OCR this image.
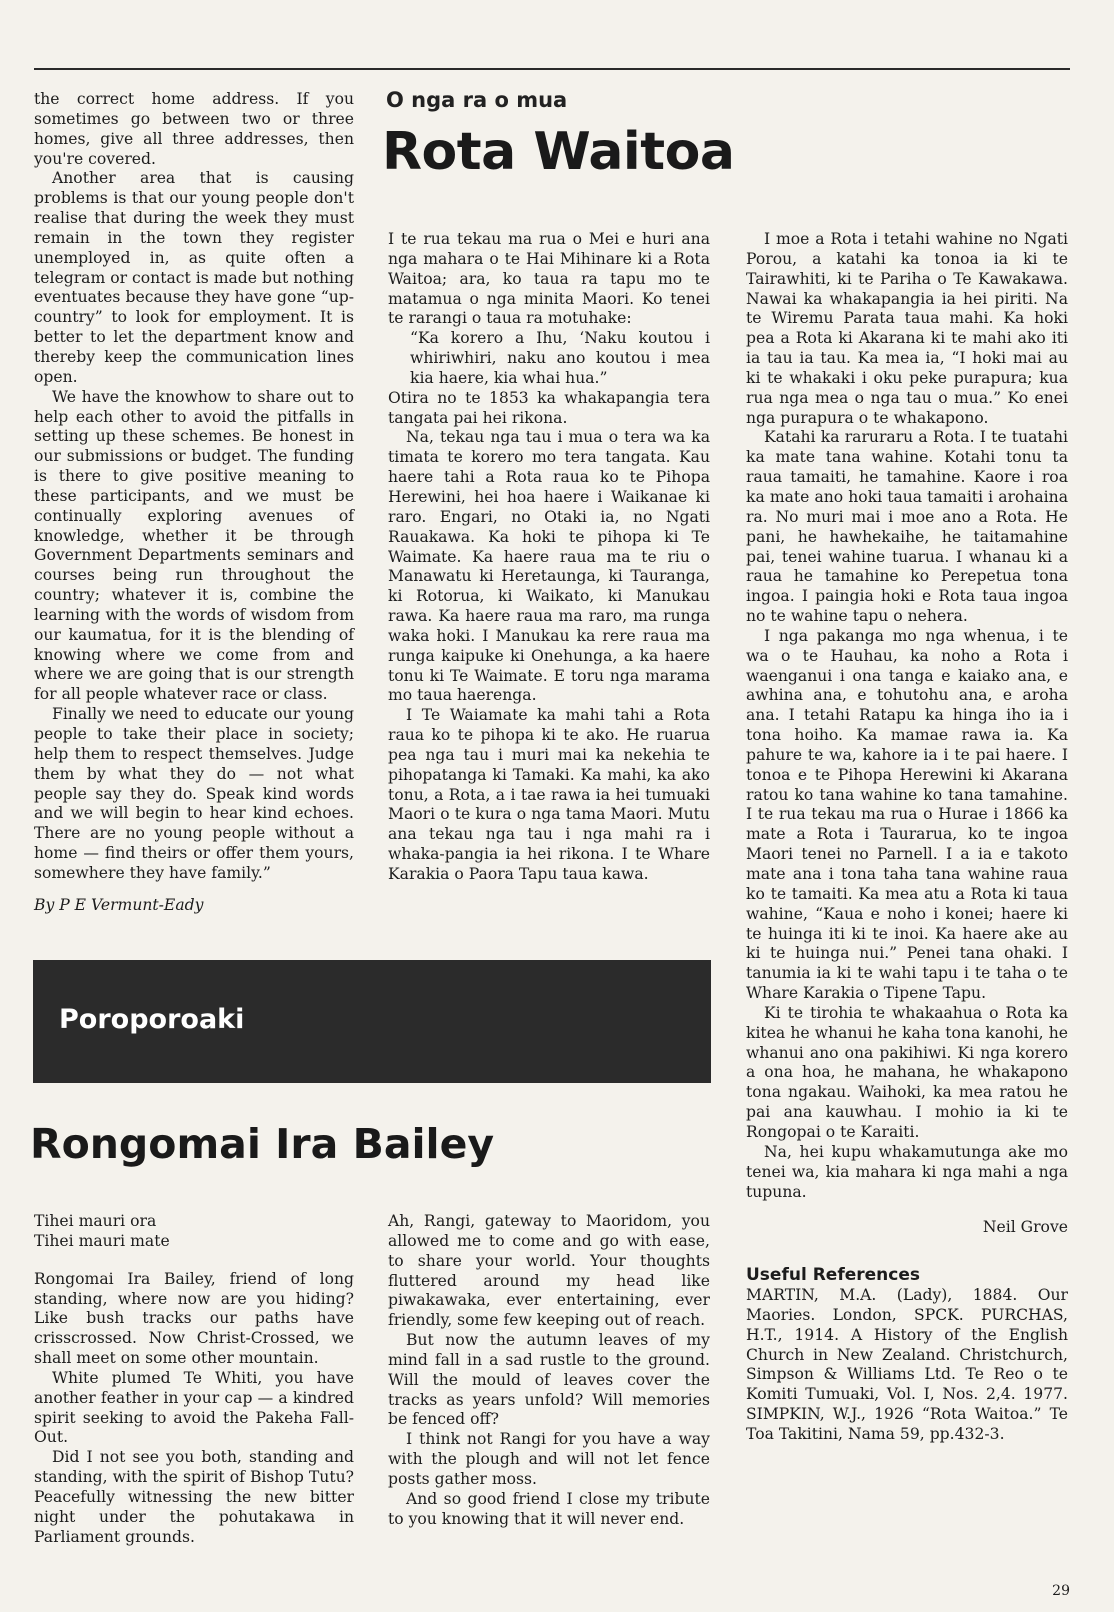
the correct home address. If you sometimes go between two or three homes, give all three addresses, then you're covered.

Another area that is causing problems is that our young people don't realise that during the week they must remain in the town they register unemployed in, as quite often a telegram or contact is made but nothing eventuates because they have gone “up-country” to look for employment. It is better to let the department know and thereby keep the communication lines open.

We have the knowhow to share out to help each other to avoid the pitfalls in setting up these schemes. Be honest in our submissions or budget. The funding is there to give positive meaning to these participants, and we must be continually exploring avenues of knowledge, whether it be through Government Departments seminars and courses being run throughout the country; whatever it is, combine the learning with the words of wisdom from our kaumatua, for it is the blending of knowing where we come from and where we are going that is our strength for all people whatever race or class.

Finally we need to educate our young people to take their place in society; help them to respect themselves. Judge them by what they do — not what people say they do. Speak kind words and we will begin to hear kind echoes. There are no young people without a home — find theirs or offer them yours, somewhere they have family.”

By P E Vermunt-Eady

O nga ra o mua
Rota Waitoa

I te rua tekau ma rua o Mei e huri ana nga mahara o te Hai Mihinare ki a Rota Waitoa; ara, ko taua ra tapu mo te matamua o nga minita Maori. Ko tenei te rarangi o taua ra motuhake:

“Ka korero a Ihu, ‘Naku koutou i whiriwhiri, naku ano koutou i mea kia haere, kia whai hua.”

Otira no te 1853 ka whakapangia tera tangata pai hei rikona.

Na, tekau nga tau i mua o tera wa ka timata te korero mo tera tangata. Kau haere tahi a Rota raua ko te Pihopa Herewini, hei hoa haere i Waikanae ki raro. Engari, no Otaki ia, no Ngati Rauakawa. Ka hoki te pihopa ki Te Waimate. Ka haere raua ma te riu o Manawatu ki Heretaunga, ki Tauranga, ki Rotorua, ki Waikato, ki Manukau rawa. Ka haere raua ma raro, ma runga waka hoki. I Manukau ka rere raua ma runga kaipuke ki Onehunga, a ka haere tonu ki Te Waimate. E toru nga marama mo taua haerenga.

I Te Waiamate ka mahi tahi a Rota raua ko te pihopa ki te ako. He ruarua pea nga tau i muri mai ka nekehia te pihopatanga ki Tamaki. Ka mahi, ka ako tonu, a Rota, a i tae rawa ia hei tumuaki Maori o te kura o nga tama Maori. Mutu ana tekau nga tau i nga mahi ra i whaka-pangia ia hei rikona. I te Whare Karakia o Paora Tapu taua kawa.

I moe a Rota i tetahi wahine no Ngati Porou, a katahi ka tonoa ia ki te Tairawhiti, ki te Pariha o Te Kawakawa. Nawai ka whakapangia ia hei piriti. Na te Wiremu Parata taua mahi. Ka hoki pea a Rota ki Akarana ki te mahi ako iti ia tau ia tau. Ka mea ia, “I hoki mai au ki te whakaki i oku peke purapura; kua rua nga mea o nga tau o mua.” Ko enei nga purapura o te whakapono.

Katahi ka raruraru a Rota. I te tuatahi ka mate tana wahine. Kotahi tonu ta raua tamaiti, he tamahine. Kaore i roa ka mate ano hoki taua tamaiti i arohaina ra. No muri mai i moe ano a Rota. He pani, he hawhekaihe, he taitamahine pai, tenei wahine tuarua. I whanau ki a raua he tamahine ko Perepetua tona ingoa. I paingia hoki e Rota taua ingoa no te wahine tapu o nehera.

I nga pakanga mo nga whenua, i te wa o te Hauhau, ka noho a Rota i waenganui i ona tanga e kaiako ana, e awhina ana, e tohutohu ana, e aroha ana. I tetahi Ratapu ka hinga iho ia i tona hoiho. Ka mamae rawa ia. Ka pahure te wa, kahore ia i te pai haere. I tonoa e te Pihopa Herewini ki Akarana ratou ko tana wahine ko tana tamahine. I te rua tekau ma rua o Hurae i 1866 ka mate a Rota i Taurarua, ko te ingoa Maori tenei no Parnell. I a ia e takoto mate ana i tona taha tana wahine raua ko te tamaiti. Ka mea atu a Rota ki taua wahine, “Kaua e noho i konei; haere ki te huinga iti ki te inoi. Ka haere ake au ki te huinga nui.” Penei tana ohaki. I tanumia ia ki te wahi tapu i te taha o te Whare Karakia o Tipene Tapu.

Ki te tirohia te whakaahua o Rota ka kitea he whanui he kaha tona kanohi, he whanui ano ona pakihiwi. Ki nga korero a ona hoa, he mahana, he whakapono tona ngakau. Waihoki, ka mea ratou he pai ana kauwhau. I mohio ia ki te Rongopai o te Karaiti.

Na, hei kupu whakamutunga ake mo tenei wa, kia mahara ki nga mahi a nga tupuna.

Neil Grove

Useful References

MARTIN, M.A. (Lady), 1884. Our Maories. London, SPCK. PURCHAS, H.T., 1914. A History of the English Church in New Zealand. Christchurch, Simpson & Williams Ltd. Te Reo o te Komiti Tumuaki, Vol. I, Nos. 2,4. 1977. SIMPKIN, W.J., 1926 “Rota Waitoa.” Te Toa Takitini, Nama 59, pp.432-3.

Poroporoaki
Rongomai Ira Bailey

Tihei mauri ora

Tihei mauri mate

Rongomai Ira Bailey, friend of long standing, where now are you hiding? Like bush tracks our paths have crisscrossed. Now Christ-Crossed, we shall meet on some other mountain.

White plumed Te Whiti, you have another feather in your cap — a kindred spirit seeking to avoid the Pakeha Fall-Out.

Did I not see you both, standing and standing, with the spirit of Bishop Tutu? Peacefully witnessing the new bitter night under the pohutakawa in Parliament grounds.

Ah, Rangi, gateway to Maoridom, you allowed me to come and go with ease, to share your world. Your thoughts fluttered around my head like piwakawaka, ever entertaining, ever friendly, some few keeping out of reach.

But now the autumn leaves of my mind fall in a sad rustle to the ground. Will the mould of leaves cover the tracks as years unfold? Will memories be fenced off?

I think not Rangi for you have a way with the plough and will not let fence posts gather moss.

And so good friend I close my tribute to you knowing that it will never end.

29
